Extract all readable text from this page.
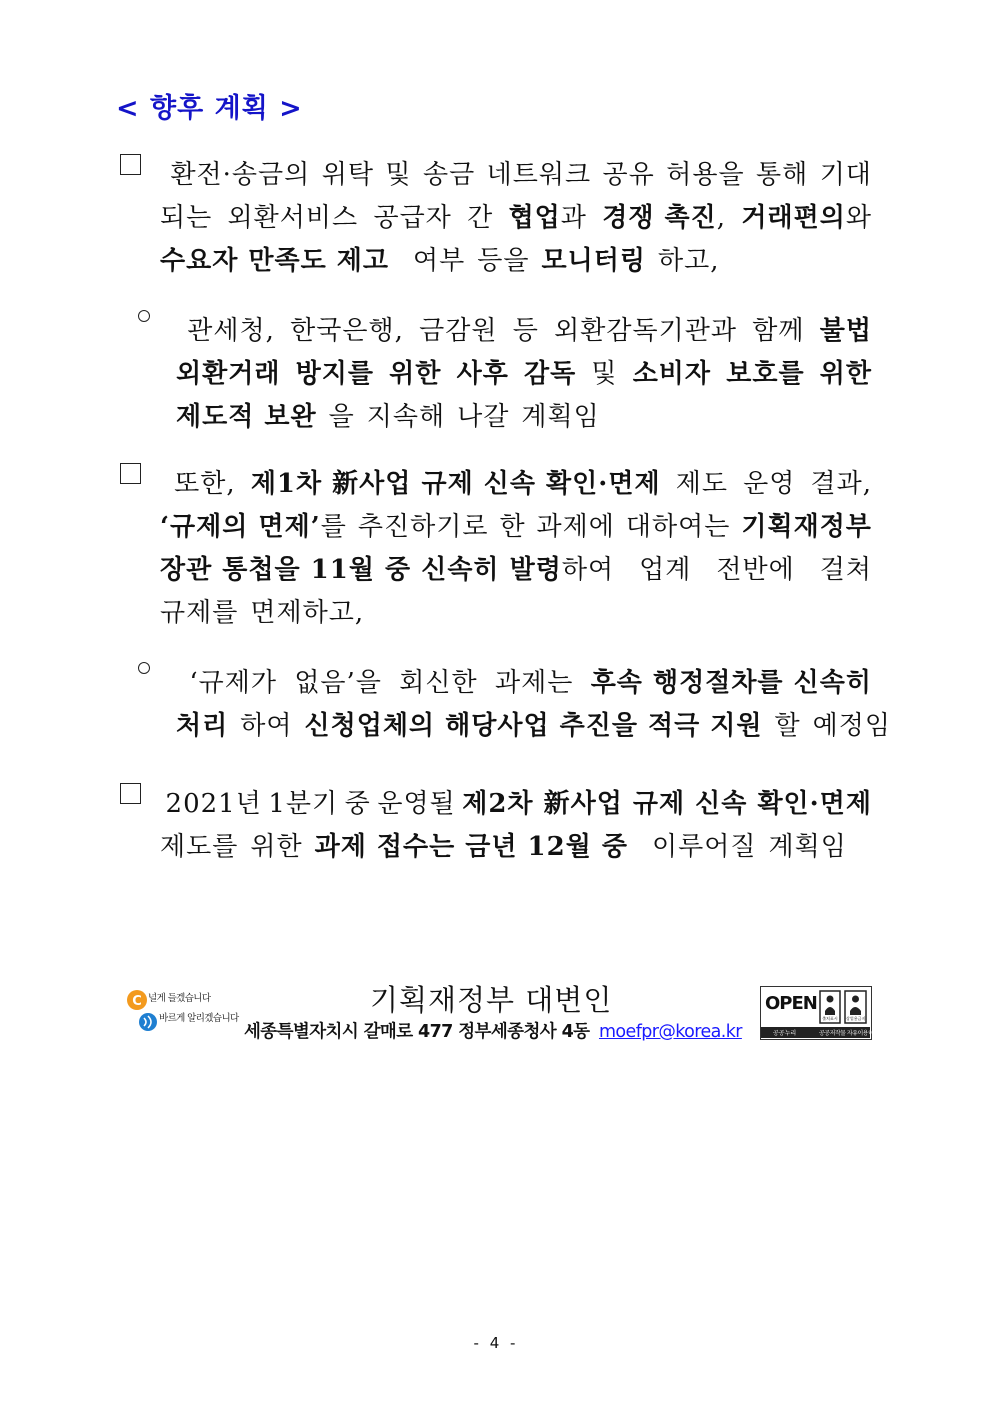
< 향후 계획 >
환전·송금의 위탁 및 송금 네트워크 공유 허용을 통해 기대
되는 외환서비스 공급자 간 협업과 경쟁 촉진, 거래편의와
수요자 만족도 제고 여부 등을 모니터링 하고,
관세청, 한국은행, 금감원 등 외환감독기관과 함께 불법
외환거래 방지를 위한 사후 감독 및 소비자 보호를 위한
제도적 보완 을 지속해 나갈 계획임
또한, 제1차 新사업 규제 신속 확인·면제 제도 운영 결과,
‘규제의 면제’를 추진하기로 한 과제에 대하여는 기획재정부
장관 통첩을 11월 중 신속히 발령하여 업계 전반에 걸쳐
규제를 면제하고,
‘규제가 없음’을 회신한 과제는 후속 행정절차를 신속히
처리 하여 신청업체의 해당사업 추진을 적극 지원 할 예정임
2021년 1분기 중 운영될 제2차 新사업 규제 신속 확인·면제
제도를 위한 과제 접수는 금년 12월 중 이루어질 계획임
C 널게 들겠습니다
바르게 알리겠습니다
기획재정부 대변인
세종특별자치시 갈매로 477 정부세종청사 4동 moefpr@korea.kr
OPEN
출처표시	상업용금지
공공누리	공공저작물 자유이용허락
- 4 -
